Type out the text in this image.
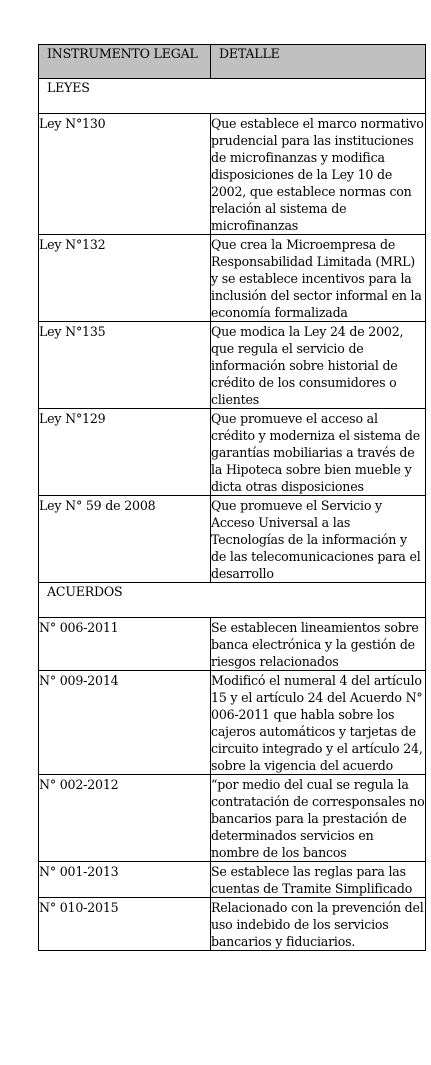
INSTRUMENTO LEGAL	DETALLE
LEYES	
Ley N°130	Que establece el marco normativo prudencial para las instituciones de microfinanzas y modifica disposiciones de la Ley 10 de 2002, que establece normas con relación al sistema de microfinanzas
Ley N°132	Que crea la Microempresa de Responsabilidad Limitada (MRL) y se establece incentivos para la inclusión del sector informal en la economía formalizada
Ley N°135	Que modica la Ley 24 de 2002, que regula el servicio de información sobre historial de crédito de los consumidores o clientes
Ley N°129	Que promueve el acceso al crédito y moderniza el sistema de garantías mobiliarias a través de la Hipoteca sobre bien mueble y dicta otras disposiciones
Ley N° 59 de 2008	Que promueve el Servicio y Acceso Universal a las Tecnologías de la información y de las telecomunicaciones para el desarrollo
ACUERDOS	
N° 006-2011	Se establecen lineamientos sobre banca electrónica y la gestión de riesgos relacionados
N° 009-2014	Modificó el numeral 4 del artículo 15 y el artículo 24 del Acuerdo N° 006-2011 que habla sobre los cajeros automáticos y tarjetas de circuito integrado y el artículo 24, sobre la vigencia del acuerdo
N° 002-2012	“por medio del cual se regula la contratación de corresponsales no bancarios para la prestación de determinados servicios en nombre de los bancos
N° 001-2013	Se establece las reglas para las cuentas de Tramite Simplificado
N° 010-2015	Relacionado con la prevención del uso indebido de los servicios bancarios y fiduciarios.
